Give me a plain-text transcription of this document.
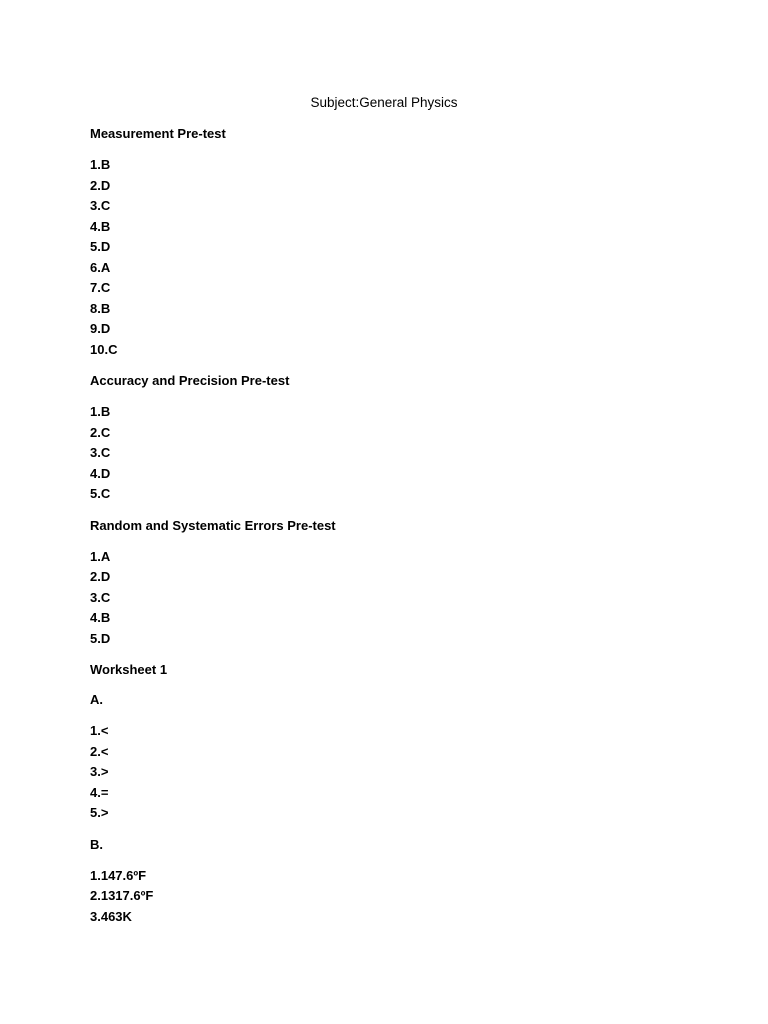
Subject:General Physics
Measurement Pre-test
1.B
2.D
3.C
4.B
5.D
6.A
7.C
8.B
9.D
10.C
Accuracy and Precision Pre-test
1.B
2.C
3.C
4.D
5.C
Random and Systematic Errors Pre-test
1.A
2.D
3.C
4.B
5.D
Worksheet 1
A.
1.<
2.<
3.>
4.=
5.>
B.
1.147.6ºF
2.1317.6ºF
3.463K
